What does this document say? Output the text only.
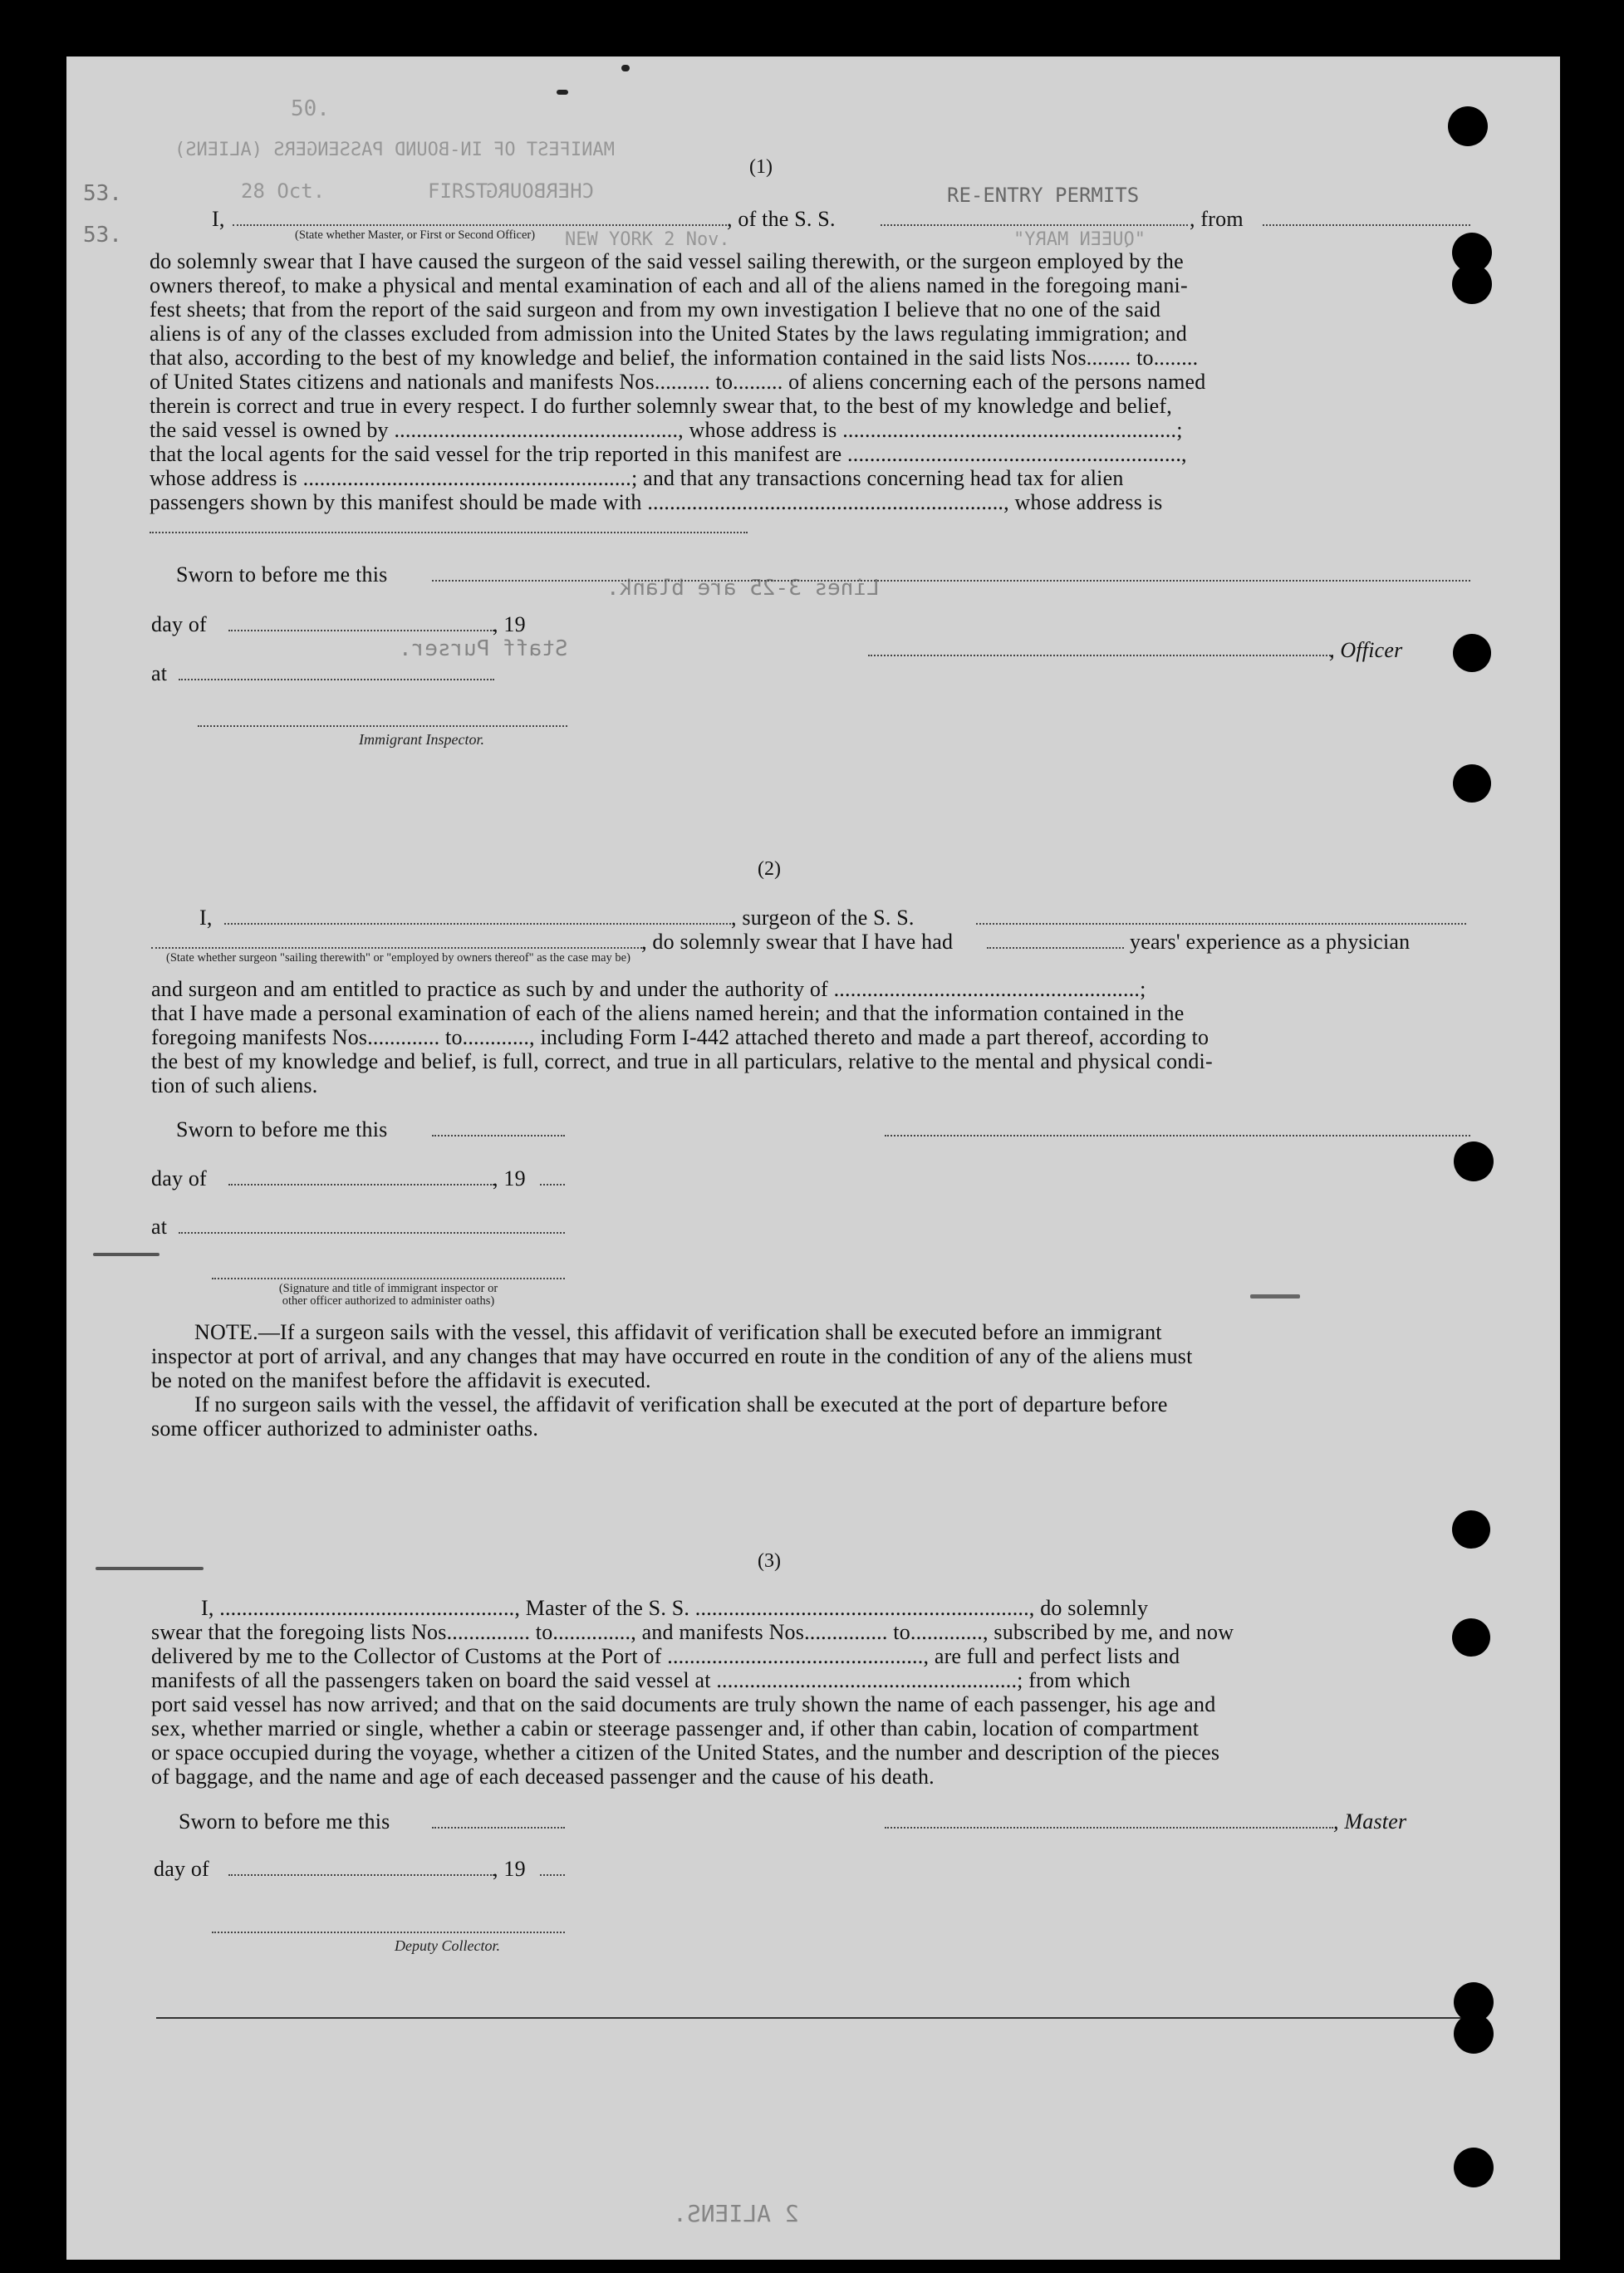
50.
MANIFEST OF IN-BOUND PASSENGERS (ALIENS)
FIRST
CHERBOURG
28 Oct.
53.
53.
RE-ENTRY PERMITS
"QUEEN MARY"
NEW YORK 2 Nov.
Lines 3-25 are blank.
Staff Purser.
2 ALIENS.
(1)
I,	, of the S. S.	, from
(State whether Master, or First or Second Officer)
do solemnly swear that I have caused the surgeon of the said vessel sailing therewith, or the surgeon employed by the
owners thereof, to make a physical and mental examination of each and all of the aliens named in the foregoing mani-
fest sheets; that from the report of the said surgeon and from my own investigation I believe that no one of the said
aliens is of any of the classes excluded from admission into the United States by the laws regulating immigration; and
that also, according to the best of my knowledge and belief, the information contained in the said lists Nos........ to........
of United States citizens and nationals and manifests Nos.......... to......... of aliens concerning each of the persons named
therein is correct and true in every respect. I do further solemnly swear that, to the best of my knowledge and belief,
the said vessel is owned by ..................................................., whose address is ............................................................;
that the local agents for the said vessel for the trip reported in this manifest are ............................................................,
whose address is ...........................................................; and that any transactions concerning head tax for alien
passengers shown by this manifest should be made with ................................................................, whose address is
Sworn to before me this
day of	, 19
, Officer
at
Immigrant Inspector.
(2)
I,	, surgeon of the S. S.
, do solemnly swear that I have had	years' experience as a physician
(State whether surgeon "sailing therewith" or "employed by owners thereof" as the case may be)
and surgeon and am entitled to practice as such by and under the authority of .......................................................;
that I have made a personal examination of each of the aliens named herein; and that the information contained in the
foregoing manifests Nos............. to............, including Form I-442 attached thereto and made a part thereof, according to
the best of my knowledge and belief, is full, correct, and true in all particulars, relative to the mental and physical condi-
tion of such aliens.
Sworn to before me this
day of	, 19
at
(Signature and title of immigrant inspector or
other officer authorized to administer oaths)
NOTE.—If a surgeon sails with the vessel, this affidavit of verification shall be executed before an immigrant
inspector at port of arrival, and any changes that may have occurred en route in the condition of any of the aliens must
be noted on the manifest before the affidavit is executed.
If no surgeon sails with the vessel, the affidavit of verification shall be executed at the port of departure before
some officer authorized to administer oaths.
(3)
I, ....................................................., Master of the S. S. ............................................................, do solemnly
swear that the foregoing lists Nos............... to.............., and manifests Nos............... to............., subscribed by me, and now
delivered by me to the Collector of Customs at the Port of .............................................., are full and perfect lists and
manifests of all the passengers taken on board the said vessel at ......................................................; from which
port said vessel has now arrived; and that on the said documents are truly shown the name of each passenger, his age and
sex, whether married or single, whether a cabin or steerage passenger and, if other than cabin, location of compartment
or space occupied during the voyage, whether a citizen of the United States, and the number and description of the pieces
of baggage, and the name and age of each deceased passenger and the cause of his death.
Sworn to before me this	, Master
day of	, 19
Deputy Collector.
